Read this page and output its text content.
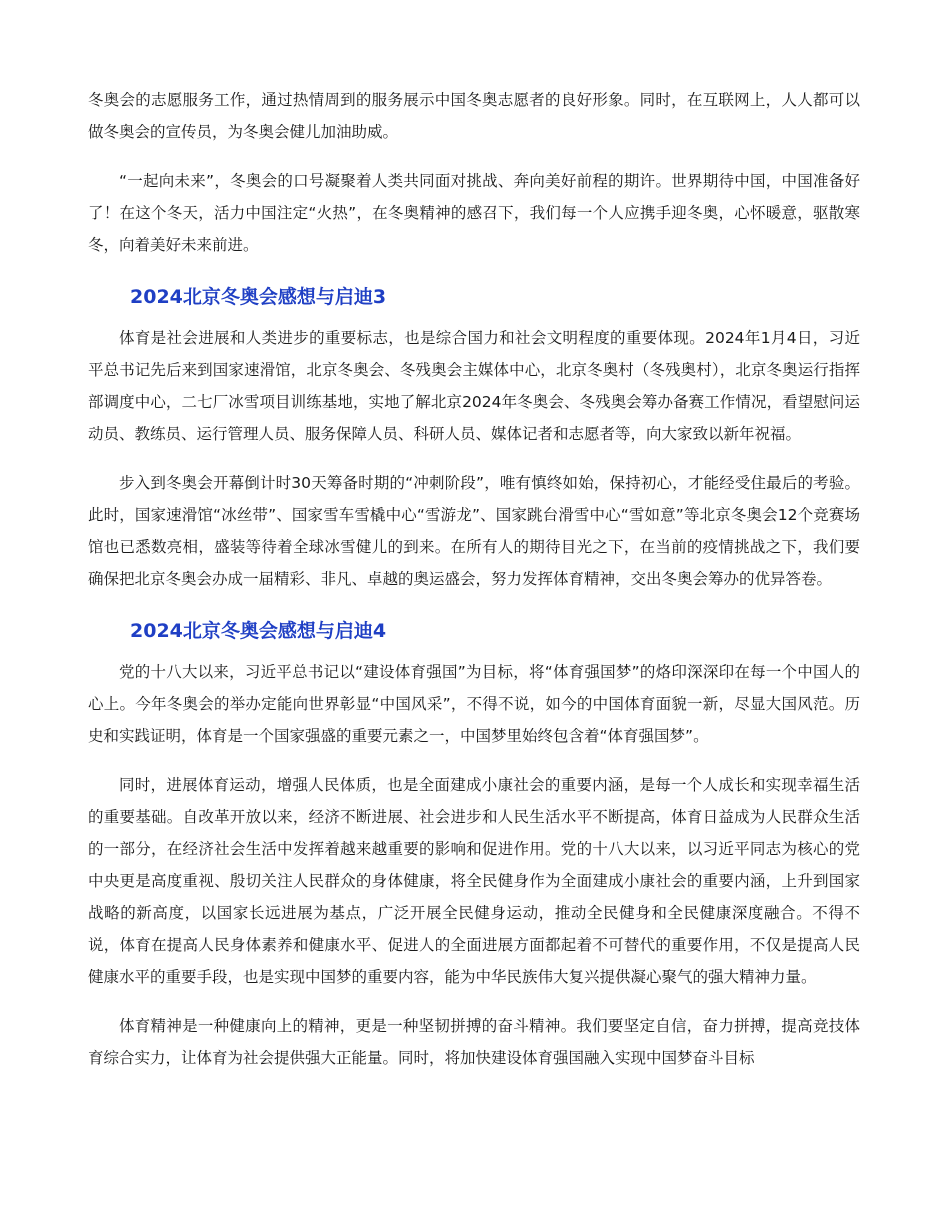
冬奥会的志愿服务工作，通过热情周到的服务展示中国冬奥志愿者的良好形象。同时，在互联网上，人人都可以做冬奥会的宣传员，为冬奥会健儿加油助威。

“一起向未来”，冬奥会的口号凝聚着人类共同面对挑战、奔向美好前程的期许。世界期待中国，中国准备好了！在这个冬天，活力中国注定“火热”，在冬奥精神的感召下，我们每一个人应携手迎冬奥，心怀暖意，驱散寒冬，向着美好未来前进。

2024北京冬奥会感想与启迪3

体育是社会进展和人类进步的重要标志，也是综合国力和社会文明程度的重要体现。2024年1月4日，习近平总书记先后来到国家速滑馆，北京冬奥会、冬残奥会主媒体中心，北京冬奥村（冬残奥村），北京冬奥运行指挥部调度中心，二七厂冰雪项目训练基地，实地了解北京2024年冬奥会、冬残奥会筹办备赛工作情况，看望慰问运动员、教练员、运行管理人员、服务保障人员、科研人员、媒体记者和志愿者等，向大家致以新年祝福。

步入到冬奥会开幕倒计时30天筹备时期的“冲刺阶段”，唯有慎终如始，保持初心，才能经受住最后的考验。此时，国家速滑馆“冰丝带”、国家雪车雪橇中心“雪游龙”、国家跳台滑雪中心“雪如意”等北京冬奥会12个竞赛场馆也已悉数亮相，盛装等待着全球冰雪健儿的到来。在所有人的期待目光之下，在当前的疫情挑战之下，我们要确保把北京冬奥会办成一届精彩、非凡、卓越的奥运盛会，努力发挥体育精神，交出冬奥会筹办的优异答卷。

2024北京冬奥会感想与启迪4

党的十八大以来，习近平总书记以“建设体育强国”为目标，将“体育强国梦”的烙印深深印在每一个中国人的心上。今年冬奥会的举办定能向世界彰显“中国风采”，不得不说，如今的中国体育面貌一新，尽显大国风范。历史和实践证明，体育是一个国家强盛的重要元素之一，中国梦里始终包含着“体育强国梦”。

同时，进展体育运动，增强人民体质，也是全面建成小康社会的重要内涵，是每一个人成长和实现幸福生活的重要基础。自改革开放以来，经济不断进展、社会进步和人民生活水平不断提高，体育日益成为人民群众生活的一部分，在经济社会生活中发挥着越来越重要的影响和促进作用。党的十八大以来，以习近平同志为核心的党中央更是高度重视、殷切关注人民群众的身体健康，将全民健身作为全面建成小康社会的重要内涵，上升到国家战略的新高度，以国家长远进展为基点，广泛开展全民健身运动，推动全民健身和全民健康深度融合。不得不说，体育在提高人民身体素养和健康水平、促进人的全面进展方面都起着不可替代的重要作用，不仅是提高人民健康水平的重要手段，也是实现中国梦的重要内容，能为中华民族伟大复兴提供凝心聚气的强大精神力量。

体育精神是一种健康向上的精神，更是一种坚韧拼搏的奋斗精神。我们要坚定自信，奋力拼搏，提高竞技体育综合实力，让体育为社会提供强大正能量。同时，将加快建设体育强国融入实现中国梦奋斗目标
